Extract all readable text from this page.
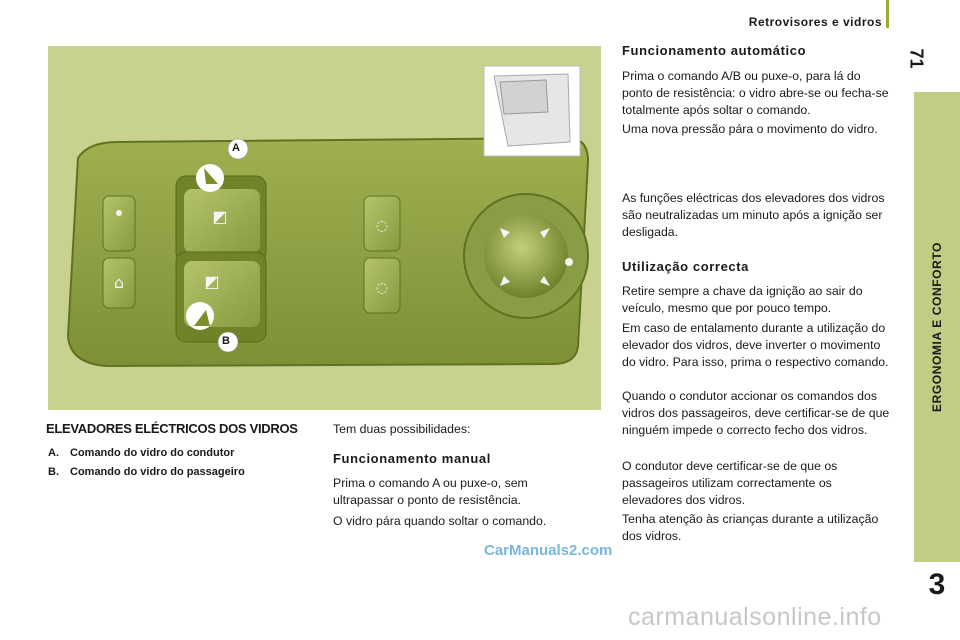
Retrovisores e vidros
71
ERGONOMIA E CONFORTO
3
⌂
◩
◩
◌
◌
A
B
ELEVADORES ELÉCTRICOS DOS VIDROS
A. Comando do vidro do condutor
B. Comando do vidro do passageiro
Tem duas possibilidades:
Funcionamento manual
Prima o comando A ou puxe-o, sem ultrapassar o ponto de resistência.
O vidro pára quando soltar o comando.
Funcionamento automático
Prima o comando A/B ou puxe-o, para lá do ponto de resistência: o vidro abre-se ou fecha-se totalmente após soltar o comando.
Uma nova pressão pára o movimento do vidro.
As funções eléctricas dos elevadores dos vidros são neutralizadas um minuto após a ignição ser desligada.
Utilização correcta
Retire sempre a chave da ignição ao sair do veículo, mesmo que por pouco tempo.
Em caso de entalamento durante a utilização do elevador dos vidros, deve inverter o movimento do vidro. Para isso, prima o respectivo comando.
Quando o condutor accionar os comandos dos vidros dos passageiros, deve certificar-se de que ninguém impede o correcto fecho dos vidros.
O condutor deve certificar-se de que os passageiros utilizam correctamente os elevadores dos vidros.
Tenha atenção às crianças durante a utilização dos vidros.
CarManuals2.com
carmanualsonline.info
